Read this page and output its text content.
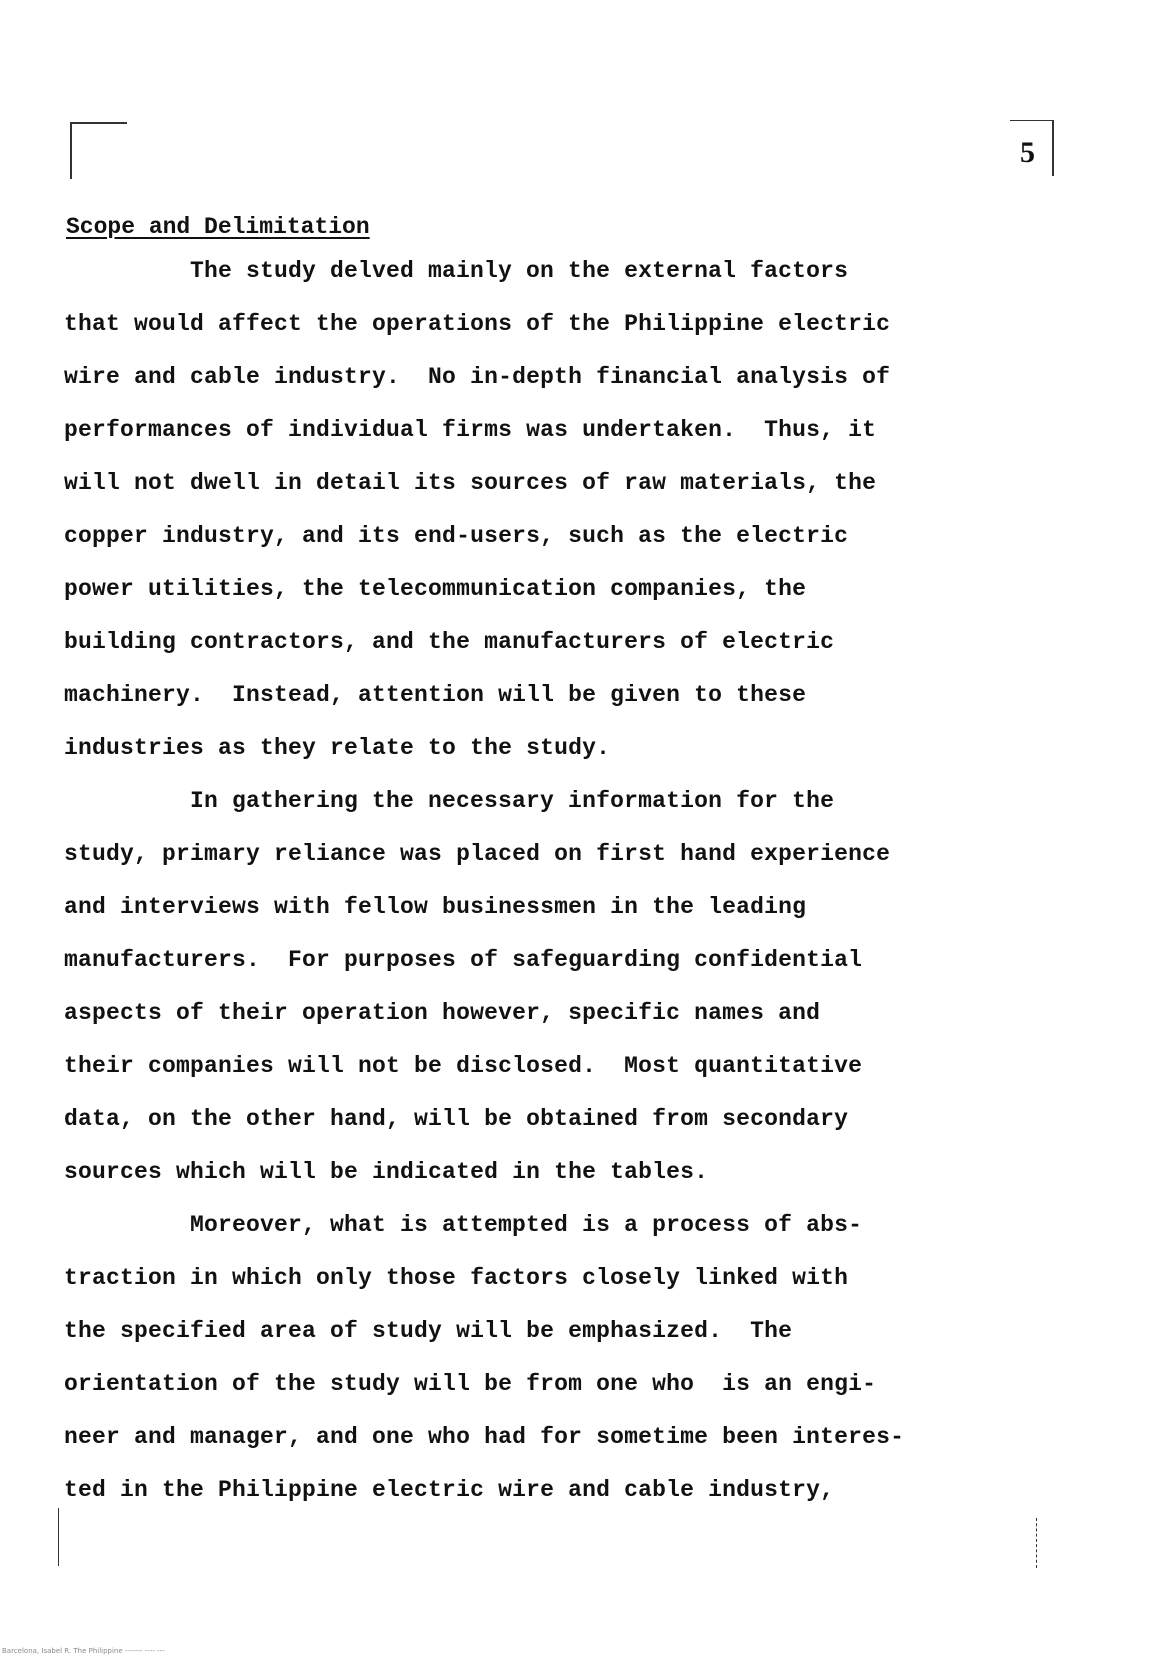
5
Scope and Delimitation
The study delved mainly on the external factors
that would affect the operations of the Philippine electric
wire and cable industry.  No in-depth financial analysis of
performances of individual firms was undertaken.  Thus, it
will not dwell in detail its sources of raw materials, the
copper industry, and its end-users, such as the electric
power utilities, the telecommunication companies, the
building contractors, and the manufacturers of electric
machinery.  Instead, attention will be given to these
industries as they relate to the study.
In gathering the necessary information for the
study, primary reliance was placed on first hand experience
and interviews with fellow businessmen in the leading
manufacturers.  For purposes of safeguarding confidential
aspects of their operation however, specific names and
their companies will not be disclosed.  Most quantitative
data, on the other hand, will be obtained from secondary
sources which will be indicated in the tables.
Moreover, what is attempted is a process of abs-
traction in which only those factors closely linked with
the specified area of study will be emphasized.  The
orientation of the study will be from one who  is an engi-
neer and manager, and one who had for sometime been interes-
ted in the Philippine electric wire and cable industry,
Barcelona, Isabel R. The Philippine ------- ---- ---
